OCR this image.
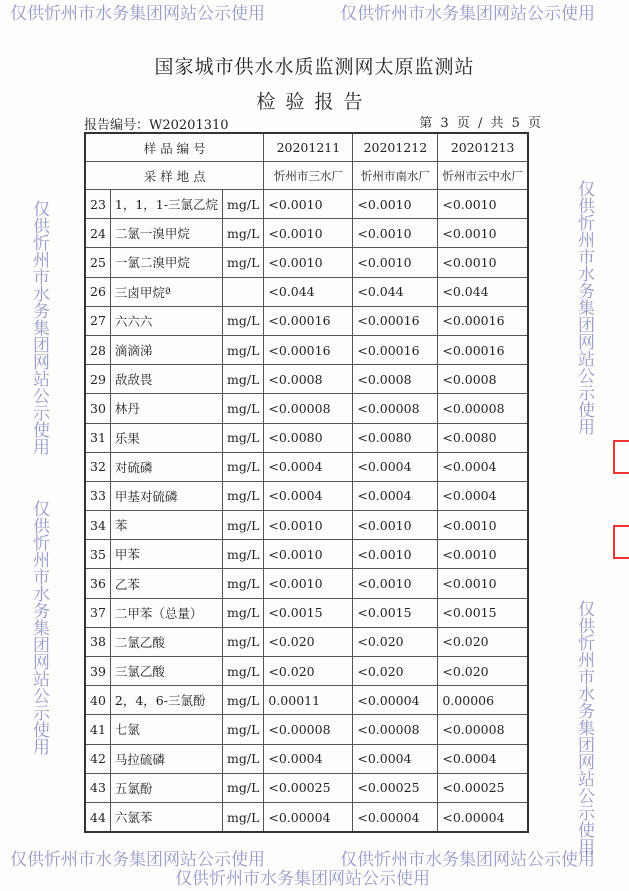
国家城市供水水质监测网太原监测站
检验报告
报告编号：W20201310	第 3 页 / 共 5 页
样 品 编 号			20201211	20201212	20201213
采 样 地 点			忻州市三水厂	忻州市南水厂	忻州市云中水厂
23	1，1，1-三氯乙烷	mg/L	<0.0010	<0.0010	<0.0010
24	二氯一溴甲烷	mg/L	<0.0010	<0.0010	<0.0010
25	一氯二溴甲烷	mg/L	<0.0010	<0.0010	<0.0010
26	三卤甲烷ª		<0.044	<0.044	<0.044
27	六六六	mg/L	<0.00016	<0.00016	<0.00016
28	滴滴涕	mg/L	<0.00016	<0.00016	<0.00016
29	敌敌畏	mg/L	<0.0008	<0.0008	<0.0008
30	林丹	mg/L	<0.00008	<0.00008	<0.00008
31	乐果	mg/L	<0.0080	<0.0080	<0.0080
32	对硫磷	mg/L	<0.0004	<0.0004	<0.0004
33	甲基对硫磷	mg/L	<0.0004	<0.0004	<0.0004
34	苯	mg/L	<0.0010	<0.0010	<0.0010
35	甲苯	mg/L	<0.0010	<0.0010	<0.0010
36	乙苯	mg/L	<0.0010	<0.0010	<0.0010
37	二甲苯（总量）	mg/L	<0.0015	<0.0015	<0.0015
38	二氯乙酸	mg/L	<0.020	<0.020	<0.020
39	三氯乙酸	mg/L	<0.020	<0.020	<0.020
40	2，4，6-三氯酚	mg/L	0.00011	<0.00004	0.00006
41	七氯	mg/L	<0.00008	<0.00008	<0.00008
42	马拉硫磷	mg/L	<0.0004	<0.0004	<0.0004
43	五氯酚	mg/L	<0.00025	<0.00025	<0.00025
44	六氯苯	mg/L	<0.00004	<0.00004	<0.00004
仅供忻州市水务集团网站公示使用	仅供忻州市水务集团网站公示使用
仅供忻州市水务集团网站公示使用	仅供忻州市水务集团网站公示使用
仅供忻州市水务集团网站公示使用
仅供忻州市水务集团网站公示使用
仅供忻州市水务集团网站公示使用
仅供忻州市水务集团网站公示使用
仅供忻州市水务集团网站公示使用
